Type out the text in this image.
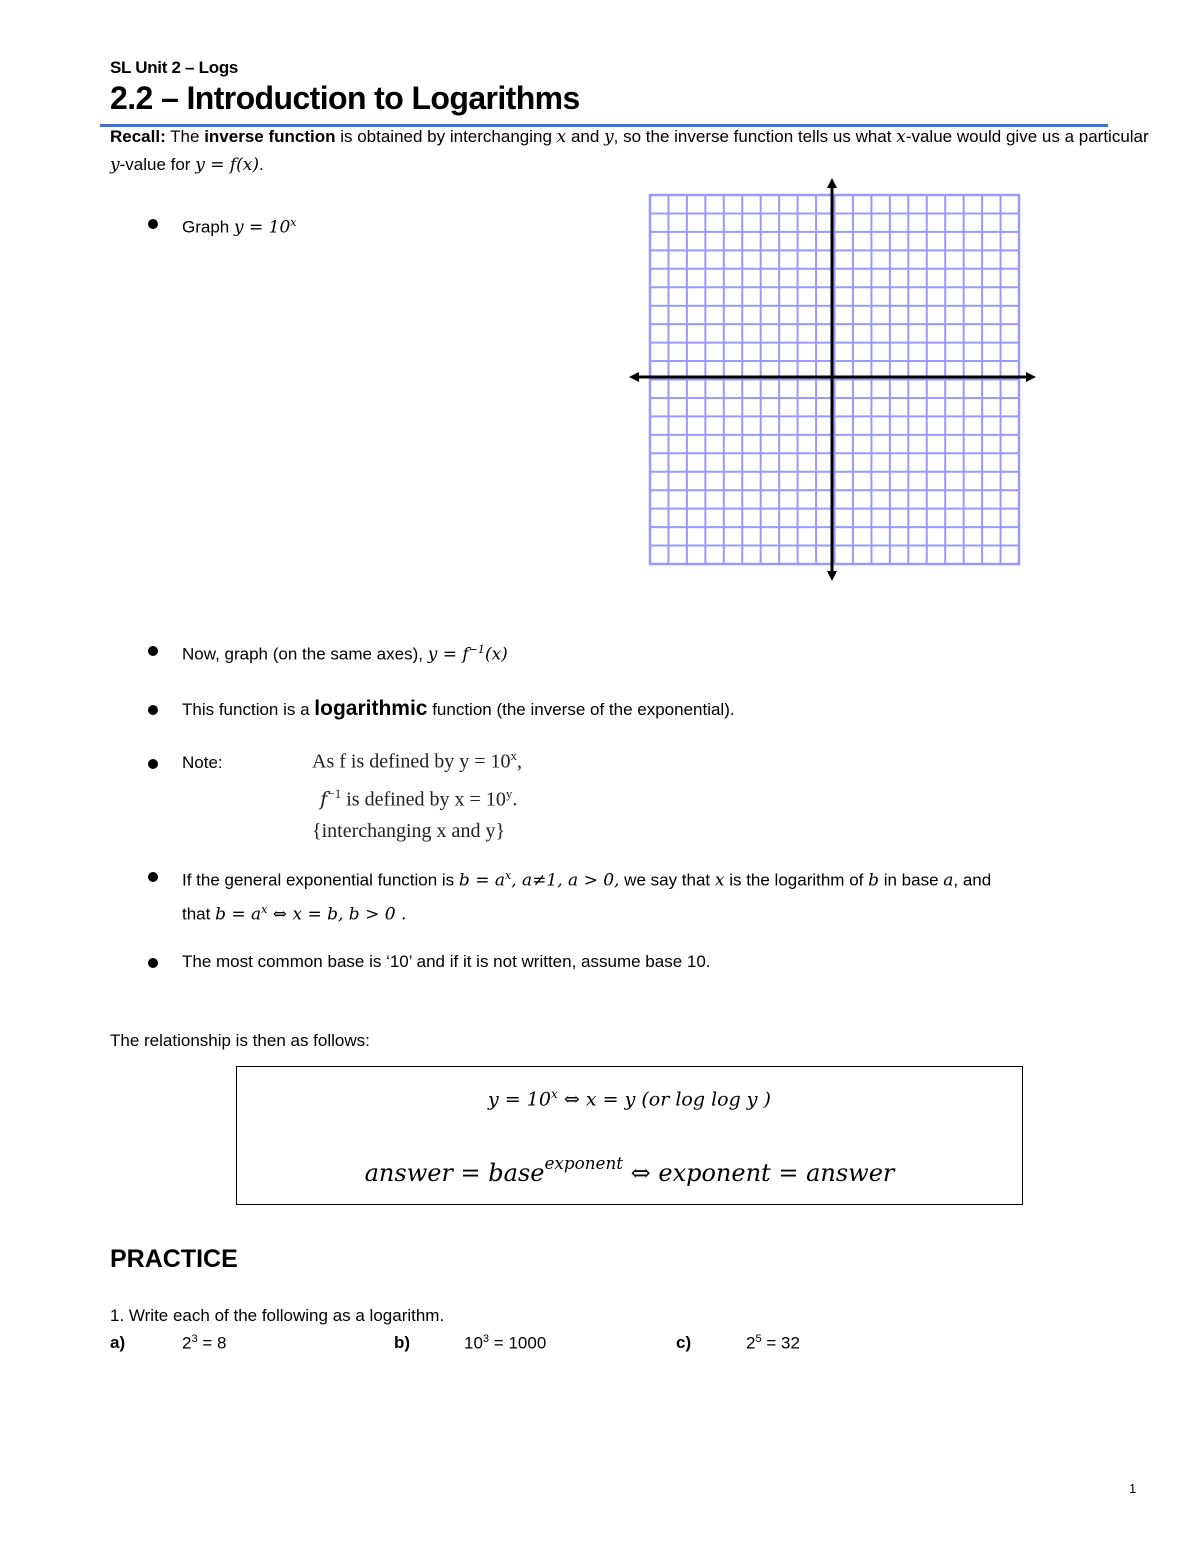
SL Unit 2 – Logs
2.2 – Introduction to Logarithms
Recall: The inverse function is obtained by interchanging x and y, so the inverse function tells us what x-value would give us a particular y-value for y = f(x).
Graph $y = 10^x$
Now, graph (on the same axes), $y = f^{-1}(x)$
This function is a logarithmic function (the inverse of the exponential).
Note:	As f is defined by $y = 10^x$,
$f^{-1}$ is defined by $x = 10^y$.
{interchanging x and y}
If the general exponential function is $b = a^x$, a≠1, a > 0, we say that x is the logarithm of b in base a, and
that $b = a^x$ ⇔ x = b, b > 0 .
The most common base is ‘10’ and if it is not written, assume base 10.
The relationship is then as follows:
$y = 10^x$ ⇔ x = y (or log log y )
answer = base$^{exponent}$ ⇔ exponent = answer
PRACTICE
1. Write each of the following as a logarithm.
a)	$2^3 = 8$	b)	$10^3 = 1000$	c)	$2^5 = 32$
1
